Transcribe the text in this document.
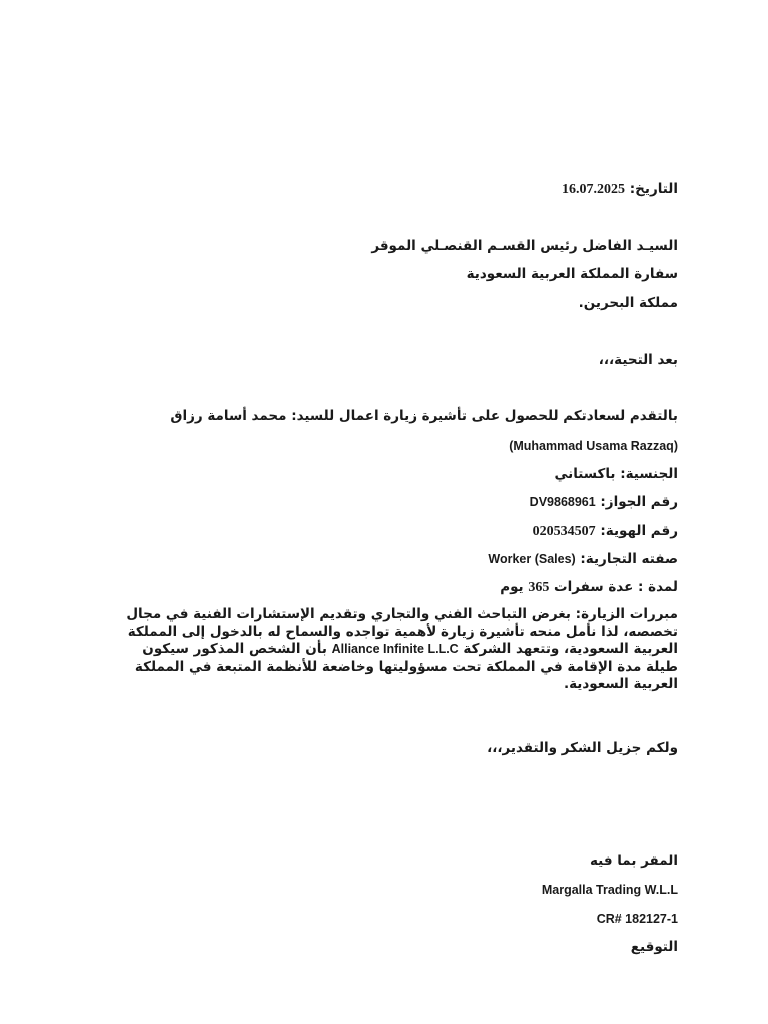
التاريخ: 16.07.2025
السيـد الفاضل رئيس القسـم القنصـلي الموقر
سفارة المملكة العربية السعودية
مملكة البحرين.
بعد التحية،،،
بالتقدم لسعادتكم للحصول على تأشيرة زيارة اعمال للسيد: محمد أسامة رزاق
(Muhammad Usama Razzaq)
الجنسية: باكستاني
رقم الجواز: DV9868961
رقم الهوية: 020534507
صفته التجارية: Worker (Sales)
لمدة : عدة سفرات 365 يوم
مبررات الزيارة: بغرض التباحث الفني والتجاري وتقديم الإستشارات الفنية في مجال تخصصه، لذا نأمل منحه تأشيرة زيارة لأهمية تواجده والسماح له بالدخول إلى المملكة العربية السعودية، وتتعهد الشركة Alliance Infinite L.L.C بأن الشخص المذكور سيكون طيلة مدة الإقامة في المملكة تحت مسؤوليتها وخاضعة للأنظمة المتبعة في المملكة العربية السعودية.
ولكم جزيل الشكر والتقدير،،،
المقر بما فيه
Margalla Trading W.L.L
CR# 182127-1
التوقيع
